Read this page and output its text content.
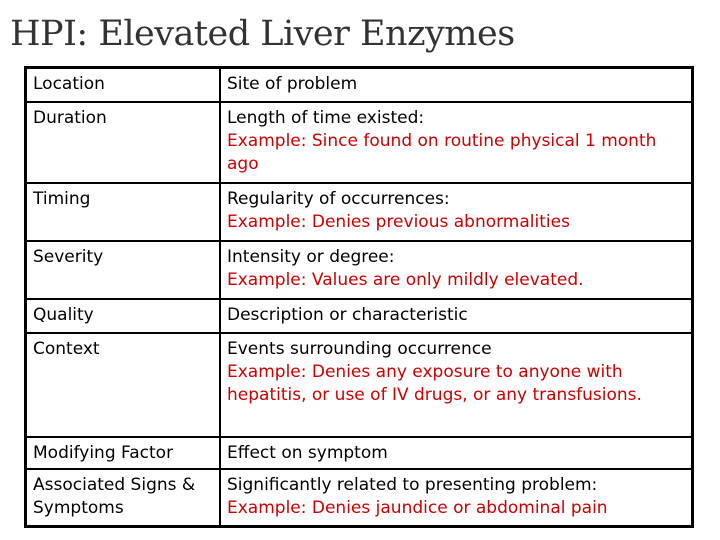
HPI: Elevated Liver Enzymes
Location	Site of problem

Duration	Length of time existed:
Example: Since found on routine physical 1 month ago

Timing	Regularity of occurrences:
Example: Denies previous abnormalities

Severity	Intensity or degree:
Example: Values are only mildly elevated.

Quality	Description or characteristic

Context	Events surrounding occurrence
Example: Denies any exposure to anyone with hepatitis, or use of IV drugs, or any transfusions.

Modifying Factor	Effect on symptom

Associated Signs & Symptoms	Significantly related to presenting problem:
Example: Denies jaundice or abdominal pain
